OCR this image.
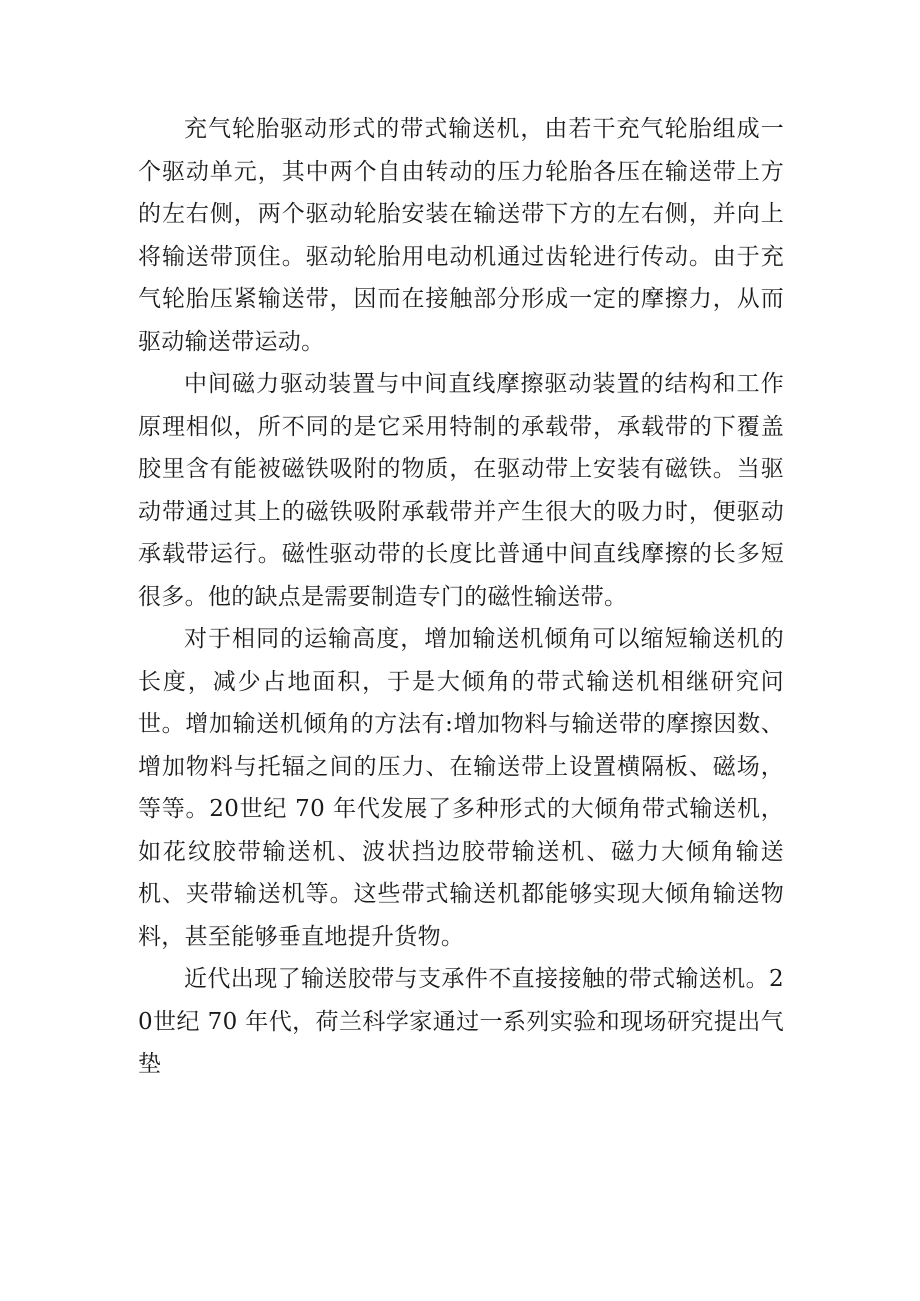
充气轮胎驱动形式的带式输送机，由若干充气轮胎组成一个驱动单元，其中两个自由转动的压力轮胎各压在输送带上方的左右侧，两个驱动轮胎安装在输送带下方的左右侧，并向上将输送带顶住。驱动轮胎用电动机通过齿轮进行传动。由于充气轮胎压紧输送带，因而在接触部分形成一定的摩擦力，从而驱动输送带运动。

中间磁力驱动装置与中间直线摩擦驱动装置的结构和工作原理相似，所不同的是它采用特制的承载带，承载带的下覆盖胶里含有能被磁铁吸附的物质，在驱动带上安装有磁铁。当驱动带通过其上的磁铁吸附承载带并产生很大的吸力时，便驱动承载带运行。磁性驱动带的长度比普通中间直线摩擦的长多短很多。他的缺点是需要制造专门的磁性输送带。

对于相同的运输高度，增加输送机倾角可以缩短输送机的长度，减少占地面积，于是大倾角的带式输送机相继研究问世。增加输送机倾角的方法有:增加物料与输送带的摩擦因数、增加物料与托辐之间的压力、在输送带上设置横隔板、磁场，等等。20世纪 70 年代发展了多种形式的大倾角带式输送机，如花纹胶带输送机、波状挡边胶带输送机、磁力大倾角输送机、夹带输送机等。这些带式输送机都能够实现大倾角输送物料，甚至能够垂直地提升货物。

近代出现了输送胶带与支承件不直接接触的带式输送机。20世纪 70 年代，荷兰科学家通过一系列实验和现场研究提出气垫
